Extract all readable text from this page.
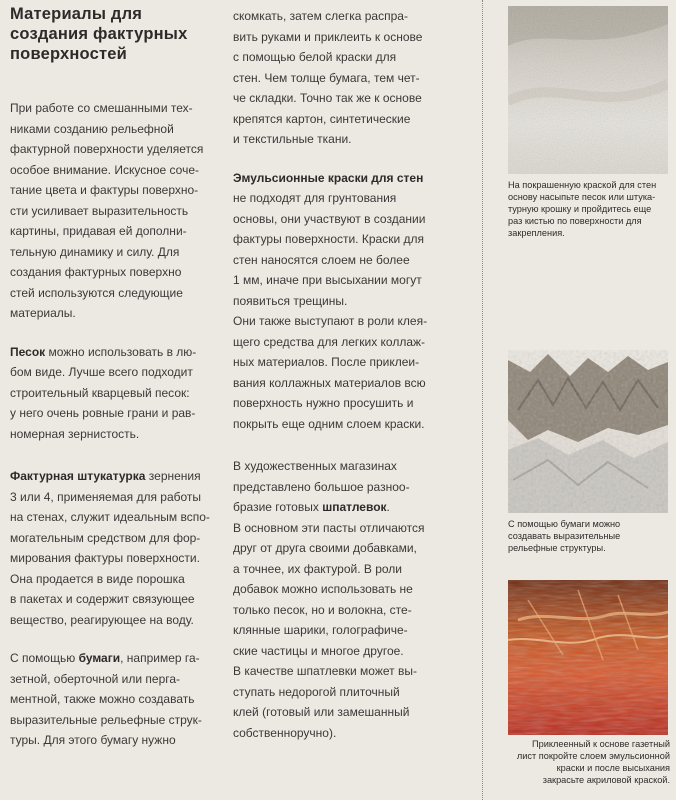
Материалы для
создания фактурных
поверхностей

При работе со смешанными тех-

никами созданию рельефной

фактурной поверхности уделяется

особое внимание. Искусное сочe-

тание цвета и фактуры поверхно-

сти усиливает выразительность

картины, придавая ей дополни-

тельную динамику и силу. Для

создания фактурных поверхно

стей используются следующие

материалы.

Песок можно использовать в лю-

бом виде. Лучше всего подходит

строительный кварцевый песок:

у него очень ровные грани и рав-

номерная зернистость.

Фактурная штукатурка зернения

3 или 4, применяемая для работы

на стенах, служит идеальным вспо-

могательным средством для фор-

мирования фактуры поверхности.

Она продается в виде порошка

в пакетах и содержит связующее

вещество, реагирующее на воду.

С помощью бумаги, например га-

зетной, оберточной или перга-

ментной, также можно создавать

выразительные рельефные струк-

туры. Для этого бумагу нужно

скомкать, затем слегка распра-

вить руками и приклеить к основе

с помощью белой краски для

стен. Чем толще бумага, тем чет-

че складки. Точно так же к основе

крепятся картон, синтетические

и текстильные ткани.

Эмульсионные краски для стен

не подходят для грунтования

основы, они участвуют в создании

фактуры поверхности. Краски для

стен наносятся слоем не более

1 мм, иначе при высыхании могут

появиться трещины.

Они также выступают в роли клея-

щего средства для легких коллаж-

ных материалов. После приклеи-

вания коллажных материалов всю

поверхность нужно просушить и

покрыть еще одним слоем краски.

В художественных магазинах

представлено большое разноо-

бразие готовых шпатлевок.

В основном эти пасты отличаются

друг от друга своими добавками,

а точнее, их фактурой. В роли

добавок можно использовать не

только песок, но и волокна, сте-

клянные шарики, голографиче-

ские частицы и многое другое.

В качестве шпатлевки может вы-

ступать недорогой плиточный

клей (готовый или замешанный

собственноручно).

На покрашенную краской для стен
основу насыпьте песок или штука-
турную крошку и пройдитесь еще
раз кистью по поверхности для
закрепления.
С помощью бумаги можно
создавать выразительные
рельефные структуры.
Приклеенный к основе газетный
лист покройте слоем эмульсионной
краски и после высыхания
закрасьте акриловой краской.
